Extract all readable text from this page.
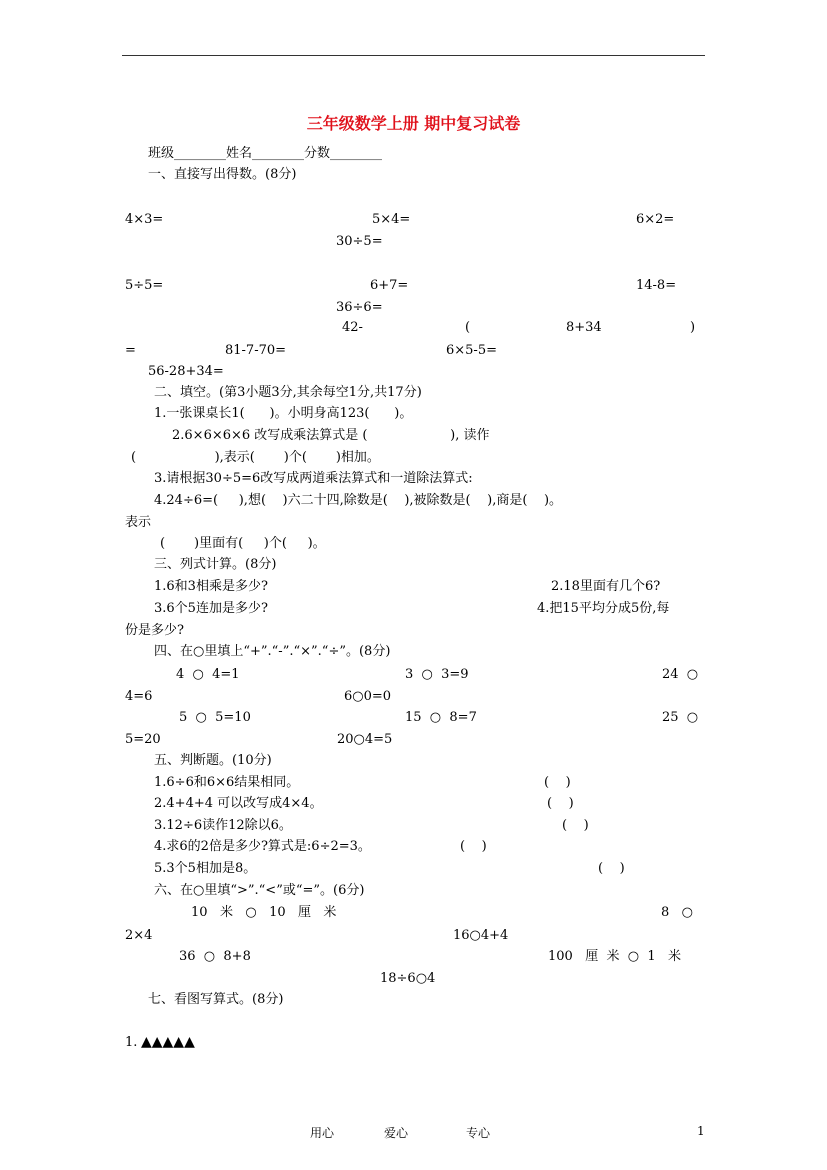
三年级数学上册 期中复习试卷
班级________姓名________分数________
一、直接写出得数。(8分)
4×3=	5×4=	6×2=
30÷5=
5÷5=	6+7=	14-8=
36÷6=
42-	(	8+34	)
=	81-7-70=	6×5-5=
56-28+34=
二、填空。(第3小题3分,其余每空1分,共17分)
1.一张课桌长1(      )。小明身高123(      )。
2.6×6×6×6 改写成乘法算式是 (                    ), 读作
(                   ),表示(       )个(       )相加。
3.请根据30÷5=6改写成两道乘法算式和一道除法算式:
4.24÷6=(     ),想(    )六二十四,除数是(    ),被除数是(    ),商是(    )。
表示
(       )里面有(     )个(     )。
三、列式计算。(8分)
1.6和3相乘是多少?	2.18里面有几个6?
3.6个5连加是多少?	4.把15平均分成5份,每
份是多少?
四、在○里填上“+”.“-”.“×”.“÷”。(8分)
4  ○  4=1	3  ○  3=9	24  ○
4=6	6○0=0
5  ○  5=10	15  ○  8=7	25  ○
5=20	20○4=5
五、判断题。(10分)
1.6÷6和6×6结果相同。	(    )
2.4+4+4 可以改写成4×4。	(    )
3.12÷6读作12除以6。	(    )
4.求6的2倍是多少?算式是:6÷2=3。	(    )
5.3个5相加是8。	(    )
六、在○里填“>”.“<”或“=”。(6分)
10   米   ○   10   厘   米	8   ○
2×4	16○4+4
36  ○  8+8	100   厘  米  ○  1   米
18÷6○4
七、看图写算式。(8分)
1. ▲▲▲▲▲
用心	爱心	专心	1
